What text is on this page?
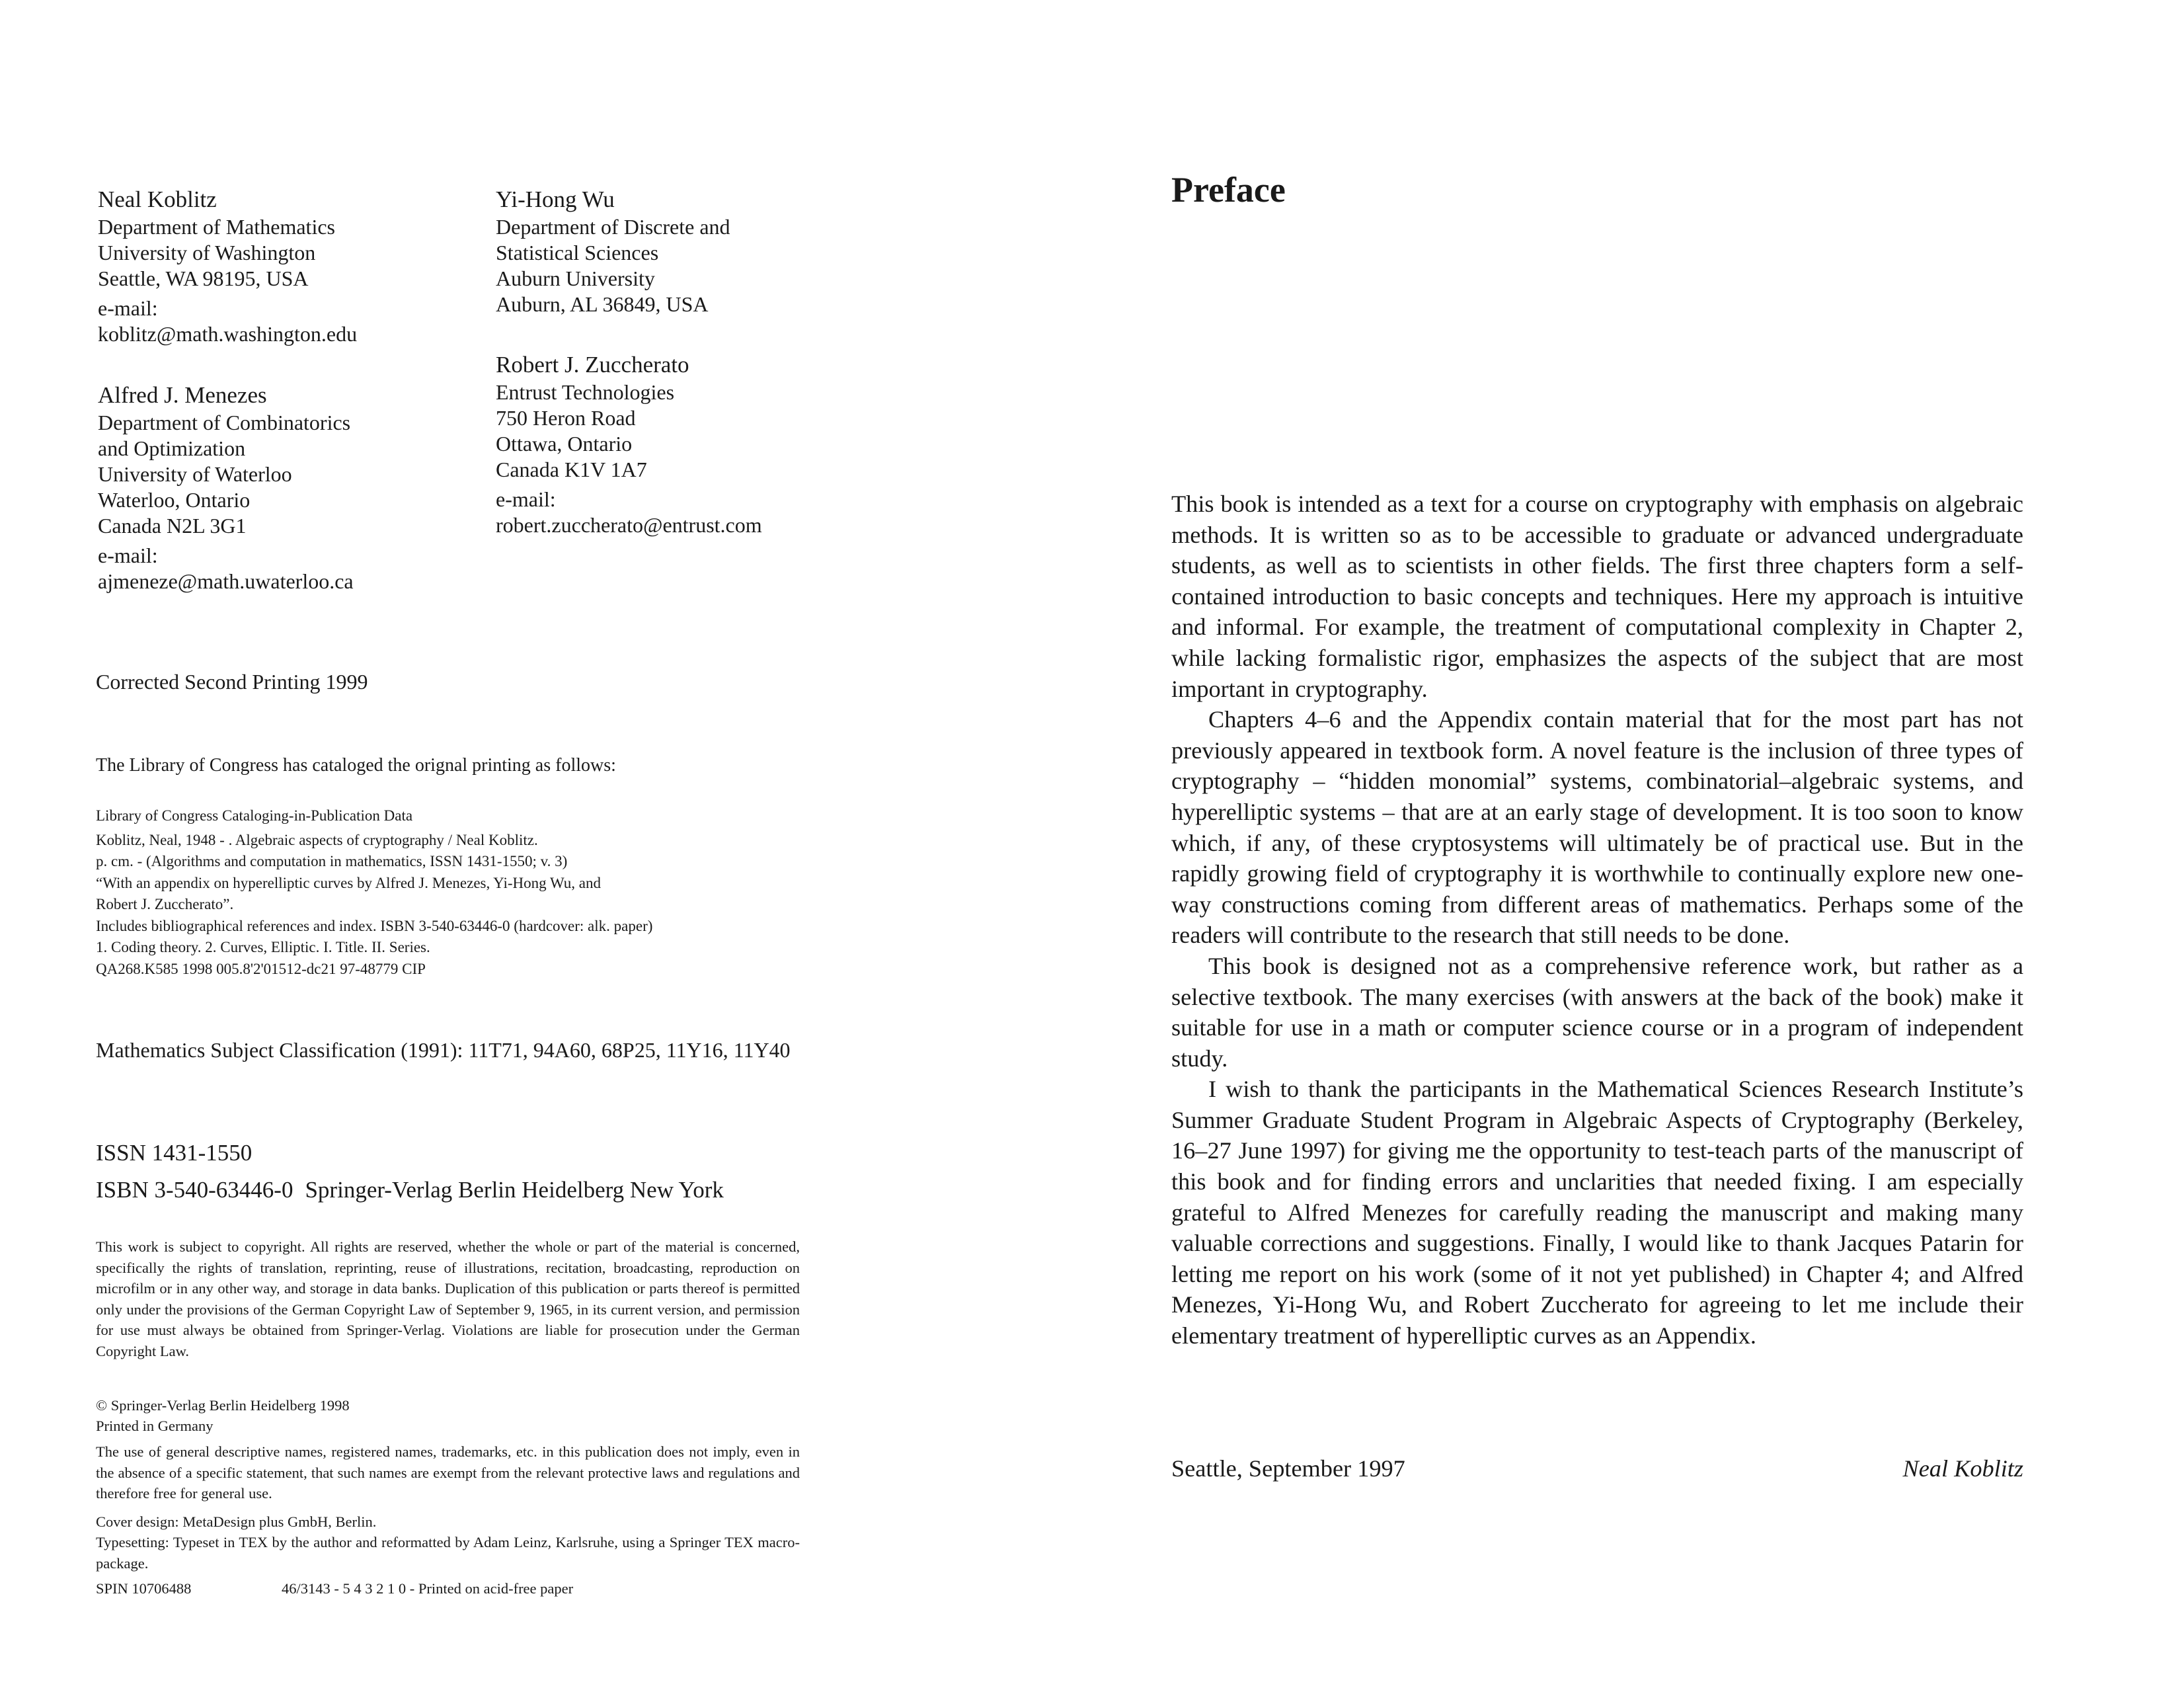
Neal Koblitz
Department of Mathematics
University of Washington
Seattle, WA 98195, USA
e-mail:
koblitz@math.washington.edu
Alfred J. Menezes
Department of Combinatorics
and Optimization
University of Waterloo
Waterloo, Ontario
Canada N2L 3G1
e-mail:
ajmeneze@math.uwaterloo.ca
Yi-Hong Wu
Department of Discrete and
Statistical Sciences
Auburn University
Auburn, AL 36849, USA
Robert J. Zuccherato
Entrust Technologies
750 Heron Road
Ottawa, Ontario
Canada K1V 1A7
e-mail:
robert.zuccherato@entrust.com
Corrected Second Printing 1999
The Library of Congress has cataloged the orignal printing as follows:
Library of Congress Cataloging-in-Publication Data
Koblitz, Neal, 1948 - . Algebraic aspects of cryptography / Neal Koblitz.
p. cm. - (Algorithms and computation in mathematics, ISSN 1431-1550; v. 3)
“With an appendix on hyperelliptic curves by Alfred J. Menezes, Yi-Hong Wu, and
Robert J. Zuccherato”.
Includes bibliographical references and index. ISBN 3-540-63446-0 (hardcover: alk. paper)
1. Coding theory. 2. Curves, Elliptic. I. Title. II. Series.
QA268.K585 1998 005.8'2'01512-dc21 97-48779 CIP
Mathematics Subject Classification (1991): 11T71, 94A60, 68P25, 11Y16, 11Y40
ISSN 1431-1550
ISBN 3-540-63446-0 Springer-Verlag Berlin Heidelberg New York
This work is subject to copyright. All rights are reserved, whether the whole or part of the material is concerned, specifically the rights of translation, reprinting, reuse of illustrations, recitation, broadcasting, reproduction on microfilm or in any other way, and storage in data banks. Duplication of this publication or parts thereof is permitted only under the provisions of the German Copyright Law of September 9, 1965, in its current version, and permission for use must always be obtained from Springer-Verlag. Violations are liable for prosecution under the German Copyright Law.
© Springer-Verlag Berlin Heidelberg 1998
Printed in Germany
The use of general descriptive names, registered names, trademarks, etc. in this publication does not imply, even in the absence of a specific statement, that such names are exempt from the relevant protective laws and regulations and therefore free for general use.
Cover design: MetaDesign plus GmbH, Berlin.
Typesetting: Typeset in TEX by the author and reformatted by Adam Leinz, Karlsruhe, using a Springer TEX macro-package.
SPIN 10706488	46/3143 - 5 4 3 2 1 0 - Printed on acid-free paper
Preface

This book is intended as a text for a course on cryptography with emphasis on algebraic methods. It is written so as to be accessible to graduate or advanced undergraduate students, as well as to scientists in other fields. The first three chapters form a self-contained introduction to basic concepts and techniques. Here my approach is intuitive and informal. For example, the treatment of computational complexity in Chapter 2, while lacking formalistic rigor, emphasizes the aspects of the subject that are most important in cryptography.

Chapters 4–6 and the Appendix contain material that for the most part has not previously appeared in textbook form. A novel feature is the inclusion of three types of cryptography – “hidden monomial” systems, combinatorial–algebraic systems, and hyperelliptic systems – that are at an early stage of development. It is too soon to know which, if any, of these cryptosystems will ultimately be of practical use. But in the rapidly growing field of cryptography it is worthwhile to continually explore new one-way constructions coming from different areas of mathematics. Perhaps some of the readers will contribute to the research that still needs to be done.

This book is designed not as a comprehensive reference work, but rather as a selective textbook. The many exercises (with answers at the back of the book) make it suitable for use in a math or computer science course or in a program of independent study.

I wish to thank the participants in the Mathematical Sciences Research Institute’s Summer Graduate Student Program in Algebraic Aspects of Cryptography (Berkeley, 16–27 June 1997) for giving me the opportunity to test-teach parts of the manuscript of this book and for finding errors and unclarities that needed fixing. I am especially grateful to Alfred Menezes for carefully reading the manuscript and making many valuable corrections and suggestions. Finally, I would like to thank Jacques Patarin for letting me report on his work (some of it not yet published) in Chapter 4; and Alfred Menezes, Yi-Hong Wu, and Robert Zuccherato for agreeing to let me include their elementary treatment of hyperelliptic curves as an Appendix.

Seattle, September 1997	Neal Koblitz
